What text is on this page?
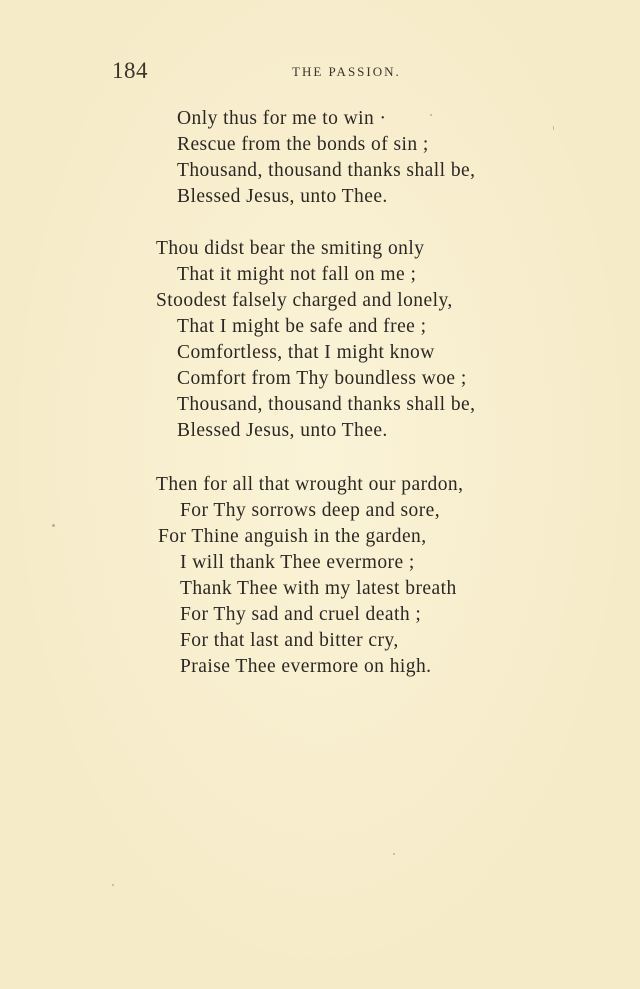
184	THE PASSION.
Only thus for me to win ·
Rescue from the bonds of sin ;
Thousand, thousand thanks shall be,
Blessed Jesus, unto Thee.
Thou didst bear the smiting only
That it might not fall on me ;
Stoodest falsely charged and lonely,
That I might be safe and free ;
Comfortless, that I might know
Comfort from Thy boundless woe ;
Thousand, thousand thanks shall be,
Blessed Jesus, unto Thee.
Then for all that wrought our pardon,
For Thy sorrows deep and sore,
For Thine anguish in the garden,
I will thank Thee evermore ;
Thank Thee with my latest breath
For Thy sad and cruel death ;
For that last and bitter cry,
Praise Thee evermore on high.
